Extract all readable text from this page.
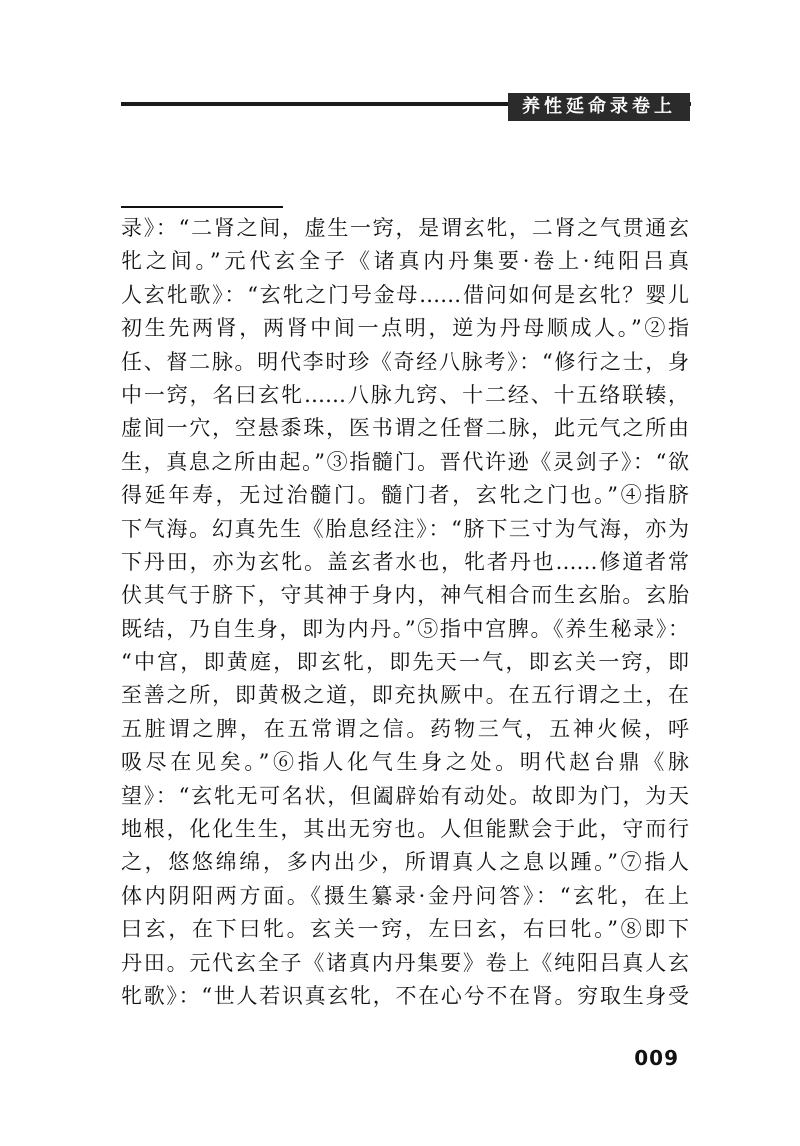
养性延命录卷上
录》：“二肾之间，虚生一窍，是谓玄牝，二肾之气贯通玄
牝之间。”元代玄全子《诸真内丹集要·卷上·纯阳吕真
人玄牝歌》：“玄牝之门号金母……借问如何是玄牝？婴儿
初生先两肾，两肾中间一点明，逆为丹母顺成人。”②指
任、督二脉。明代李时珍《奇经八脉考》：“修行之士，身
中一窍，名曰玄牝……八脉九窍、十二经、十五络联辏，
虚间一穴，空悬黍珠，医书谓之任督二脉，此元气之所由
生，真息之所由起。”③指髓门。晋代许逊《灵剑子》：“欲
得延年寿，无过治髓门。髓门者，玄牝之门也。”④指脐
下气海。幻真先生《胎息经注》：“脐下三寸为气海，亦为
下丹田，亦为玄牝。盖玄者水也，牝者丹也……修道者常
伏其气于脐下，守其神于身内，神气相合而生玄胎。玄胎
既结，乃自生身，即为内丹。”⑤指中宫脾。《养生秘录》：
“中宫，即黄庭，即玄牝，即先天一气，即玄关一窍，即
至善之所，即黄极之道，即充执厥中。在五行谓之土，在
五脏谓之脾，在五常谓之信。药物三气，五神火候，呼
吸尽在见矣。”⑥指人化气生身之处。明代赵台鼎《脉
望》：“玄牝无可名状，但阖辟始有动处。故即为门，为天
地根，化化生生，其出无穷也。人但能默会于此，守而行
之，悠悠绵绵，多内出少，所谓真人之息以踵。”⑦指人
体内阴阳两方面。《摄生纂录·金丹问答》：“玄牝，在上
曰玄，在下曰牝。玄关一窍，左曰玄，右曰牝。”⑧即下
丹田。元代玄全子《诸真内丹集要》卷上《纯阳吕真人玄
牝歌》：“世人若识真玄牝，不在心兮不在肾。穷取生身受
009
